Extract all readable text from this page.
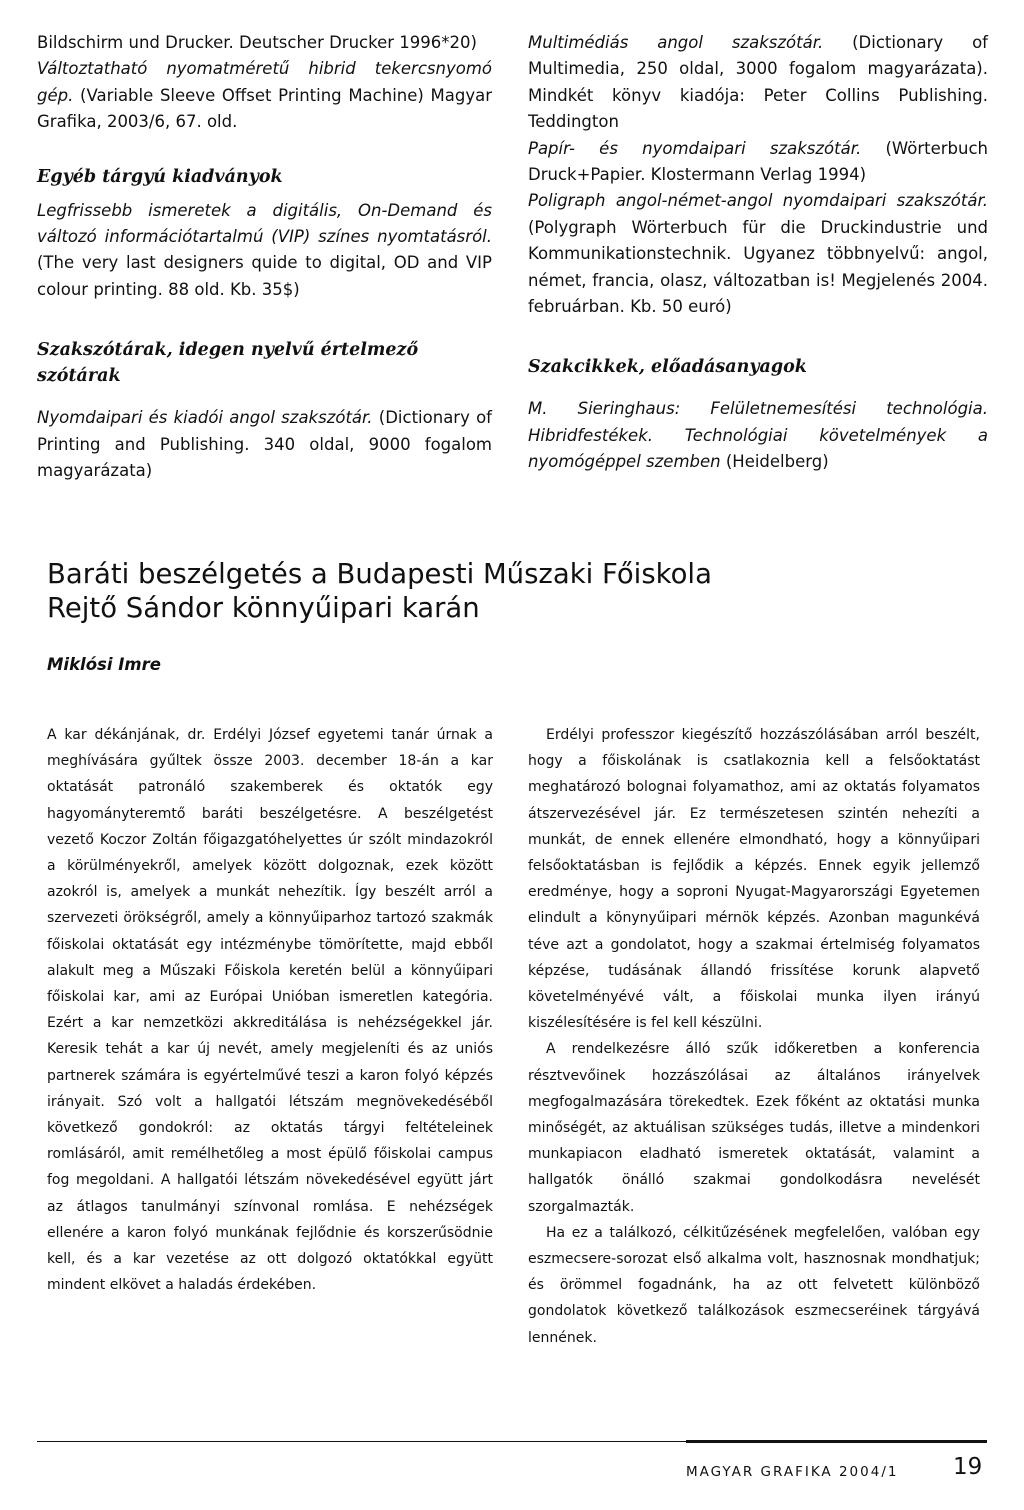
Bildschirm und Drucker. Deutscher Drucker 1996*20)

Változtatható nyomatméretű hibrid tekercsnyomó gép. (Variable Sleeve Offset Printing Machine) Magyar Grafika, 2003/6, 67. old.

Egyéb tárgyú kiadványok

Legfrissebb ismeretek a digitális, On-Demand és változó információtartalmú (VIP) színes nyomtatásról. (The very last designers quide to digital, OD and VIP colour printing. 88 old. Kb. 35$)

Szakszótárak, idegen nyelvű értelmező szótárak

Nyomdaipari és kiadói angol szakszótár. (Dictionary of Printing and Publishing. 340 oldal, 9000 fogalom magyarázata)

Multimédiás angol szakszótár. (Dictionary of Multimedia, 250 oldal, 3000 fogalom magyarázata). Mindkét könyv kiadója: Peter Collins Publishing. Teddington

Papír- és nyomdaipari szakszótár. (Wörterbuch Druck+Papier. Klostermann Verlag 1994)

Poligraph angol-német-angol nyomdaipari szakszótár. (Polygraph Wörterbuch für die Druckindustrie und Kommunikationstechnik. Ugyanez többnyelvű: angol, német, francia, olasz, változatban is! Megjelenés 2004. februárban. Kb. 50 euró)

Szakcikkek, előadásanyagok

M. Sieringhaus: Felületnemesítési technológia. Hibridfestékek. Technológiai követelmények a nyomógéppel szemben (Heidelberg)

Baráti beszélgetés a Budapesti Műszaki Főiskola
Rejtő Sándor könnyűipari karán

Miklósi Imre

A kar dékánjának, dr. Erdélyi József egyetemi tanár úrnak a meghívására gyűltek össze 2003. december 18-án a kar oktatását patronáló szakemberek és oktatók egy hagyományteremtő baráti beszélgetésre. A beszélgetést vezető Koczor Zoltán főigazgatóhelyettes úr szólt mindazokról a körülményekről, amelyek között dolgoznak, ezek között azokról is, amelyek a munkát nehezítik. Így beszélt arról a szervezeti örökségről, amely a könnyűiparhoz tartozó szakmák főiskolai oktatását egy intézménybe tömörítette, majd ebből alakult meg a Műszaki Főiskola keretén belül a könnyűipari főiskolai kar, ami az Európai Unióban ismeretlen kategória. Ezért a kar nemzetközi akkreditálása is nehézségekkel jár. Keresik tehát a kar új nevét, amely megjeleníti és az uniós partnerek számára is egyértelművé teszi a karon folyó képzés irányait. Szó volt a hallgatói létszám megnövekedéséből következő gondokról: az oktatás tárgyi feltételeinek romlásáról, amit remélhetőleg a most épülő főiskolai campus fog megoldani. A hallgatói létszám növekedésével együtt járt az átlagos tanulmányi színvonal romlása. E nehézségek ellenére a karon folyó munkának fejlődnie és korszerűsödnie kell, és a kar vezetése az ott dolgozó oktatókkal együtt mindent elkövet a haladás érdekében.

Erdélyi professzor kiegészítő hozzászólásában arról beszélt, hogy a főiskolának is csatlakoznia kell a felsőoktatást meghatározó bolognai folyamathoz, ami az oktatás folyamatos átszervezésével jár. Ez természetesen szintén nehezíti a munkát, de ennek ellenére elmondható, hogy a könnyűipari felsőoktatásban is fejlődik a képzés. Ennek egyik jellemző eredménye, hogy a soproni Nyugat-Magyarországi Egyetemen elindult a könynyűipari mérnök képzés. Azonban magunkévá téve azt a gondolatot, hogy a szakmai értelmiség folyamatos képzése, tudásának állandó frissítése korunk alapvető követelményévé vált, a főiskolai munka ilyen irányú kiszélesítésére is fel kell készülni.

A rendelkezésre álló szűk időkeretben a konferencia résztvevőinek hozzászólásai az általános irányelvek megfogalmazására törekedtek. Ezek főként az oktatási munka minőségét, az aktuálisan szükséges tudás, illetve a mindenkori munkapiacon eladható ismeretek oktatását, valamint a hallgatók önálló szakmai gondolkodásra nevelését szorgalmazták.

Ha ez a találkozó, célkitűzésének megfelelően, valóban egy eszmecsere-sorozat első alkalma volt, hasznosnak mondhatjuk; és örömmel fogadnánk, ha az ott felvetett különböző gondolatok következő találkozások eszmecseréinek tárgyává lennének.

MAGYAR GRAFIKA 2004/1 19
